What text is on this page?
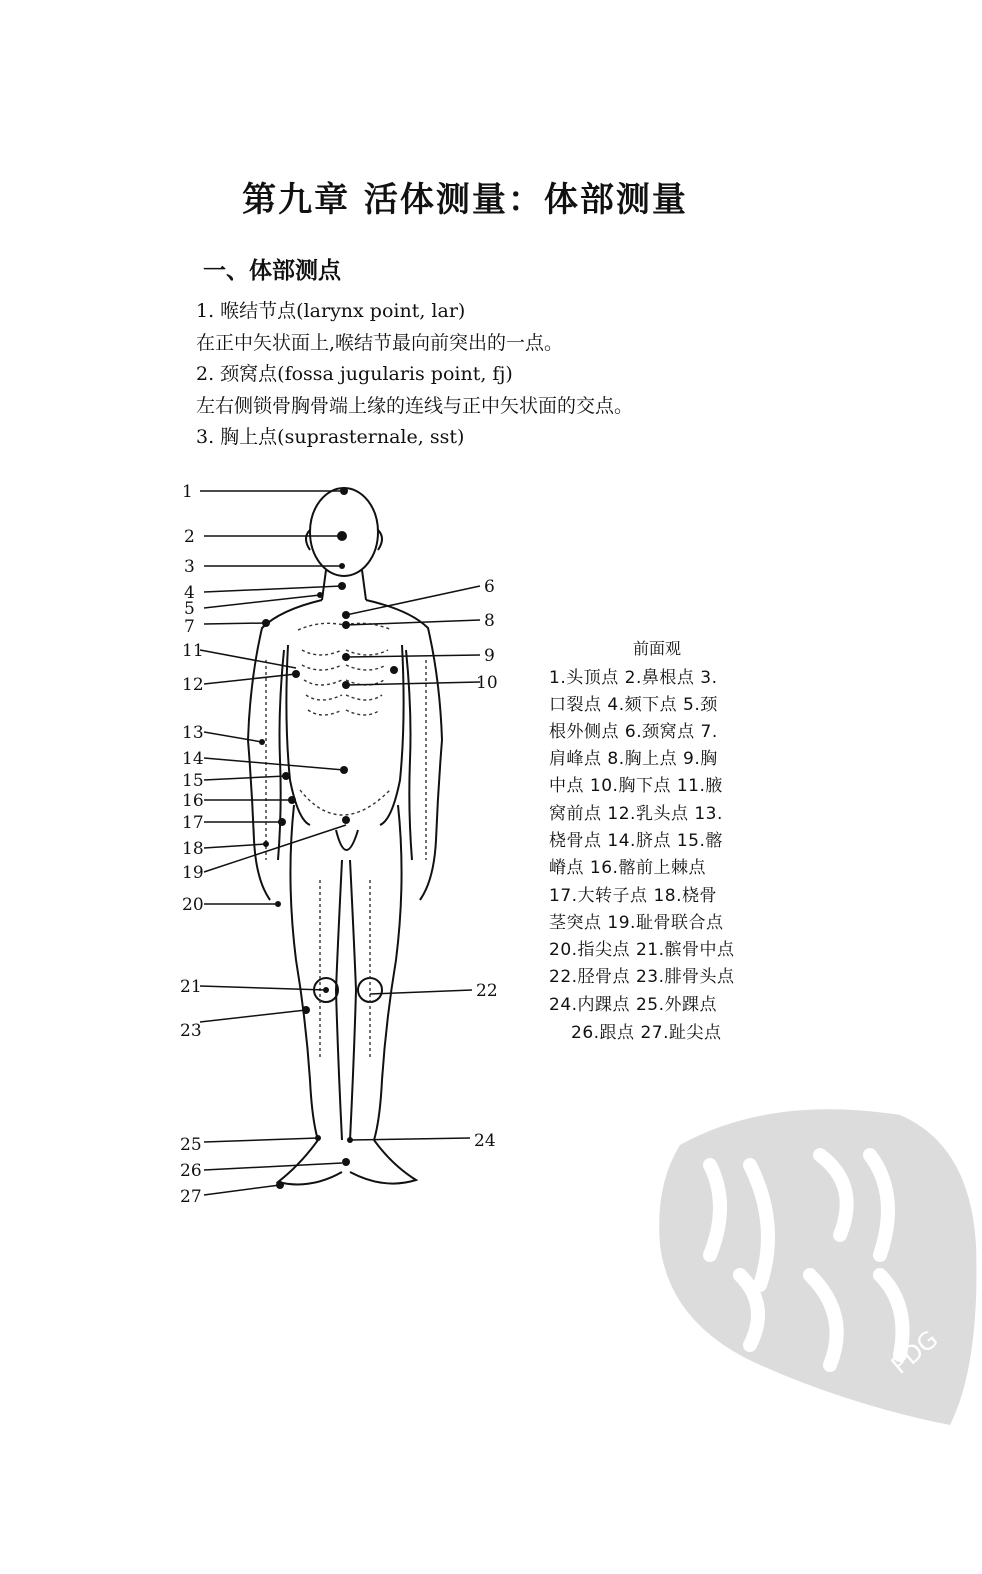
第九章 活体测量：体部测量
一、体部测点
1. 喉结节点(larynx point, lar)
在正中矢状面上,喉结节最向前突出的一点。
2. 颈窝点(fossa jugularis point, fj)
左右侧锁骨胸骨端上缘的连线与正中矢状面的交点。
3. 胸上点(suprasternale, sst)
1
2
3
4
5
6
7	8
9
10
11
12
13
14
15
16
17
18
19
20
21	22
23
24
25
26
27
前面观
1.头顶点 2.鼻根点 3.
口裂点 4.颏下点 5.颈
根外侧点 6.颈窝点 7.
肩峰点 8.胸上点 9.胸
中点 10.胸下点 11.腋
窝前点 12.乳头点 13.
桡骨点 14.脐点 15.髂
嵴点 16.髂前上棘点
17.大转子点 18.桡骨
茎突点 19.耻骨联合点
20.指尖点 21.髌骨中点
22.胫骨点 23.腓骨头点
24.内踝点 25.外踝点
26.跟点 27.趾尖点
PDG
